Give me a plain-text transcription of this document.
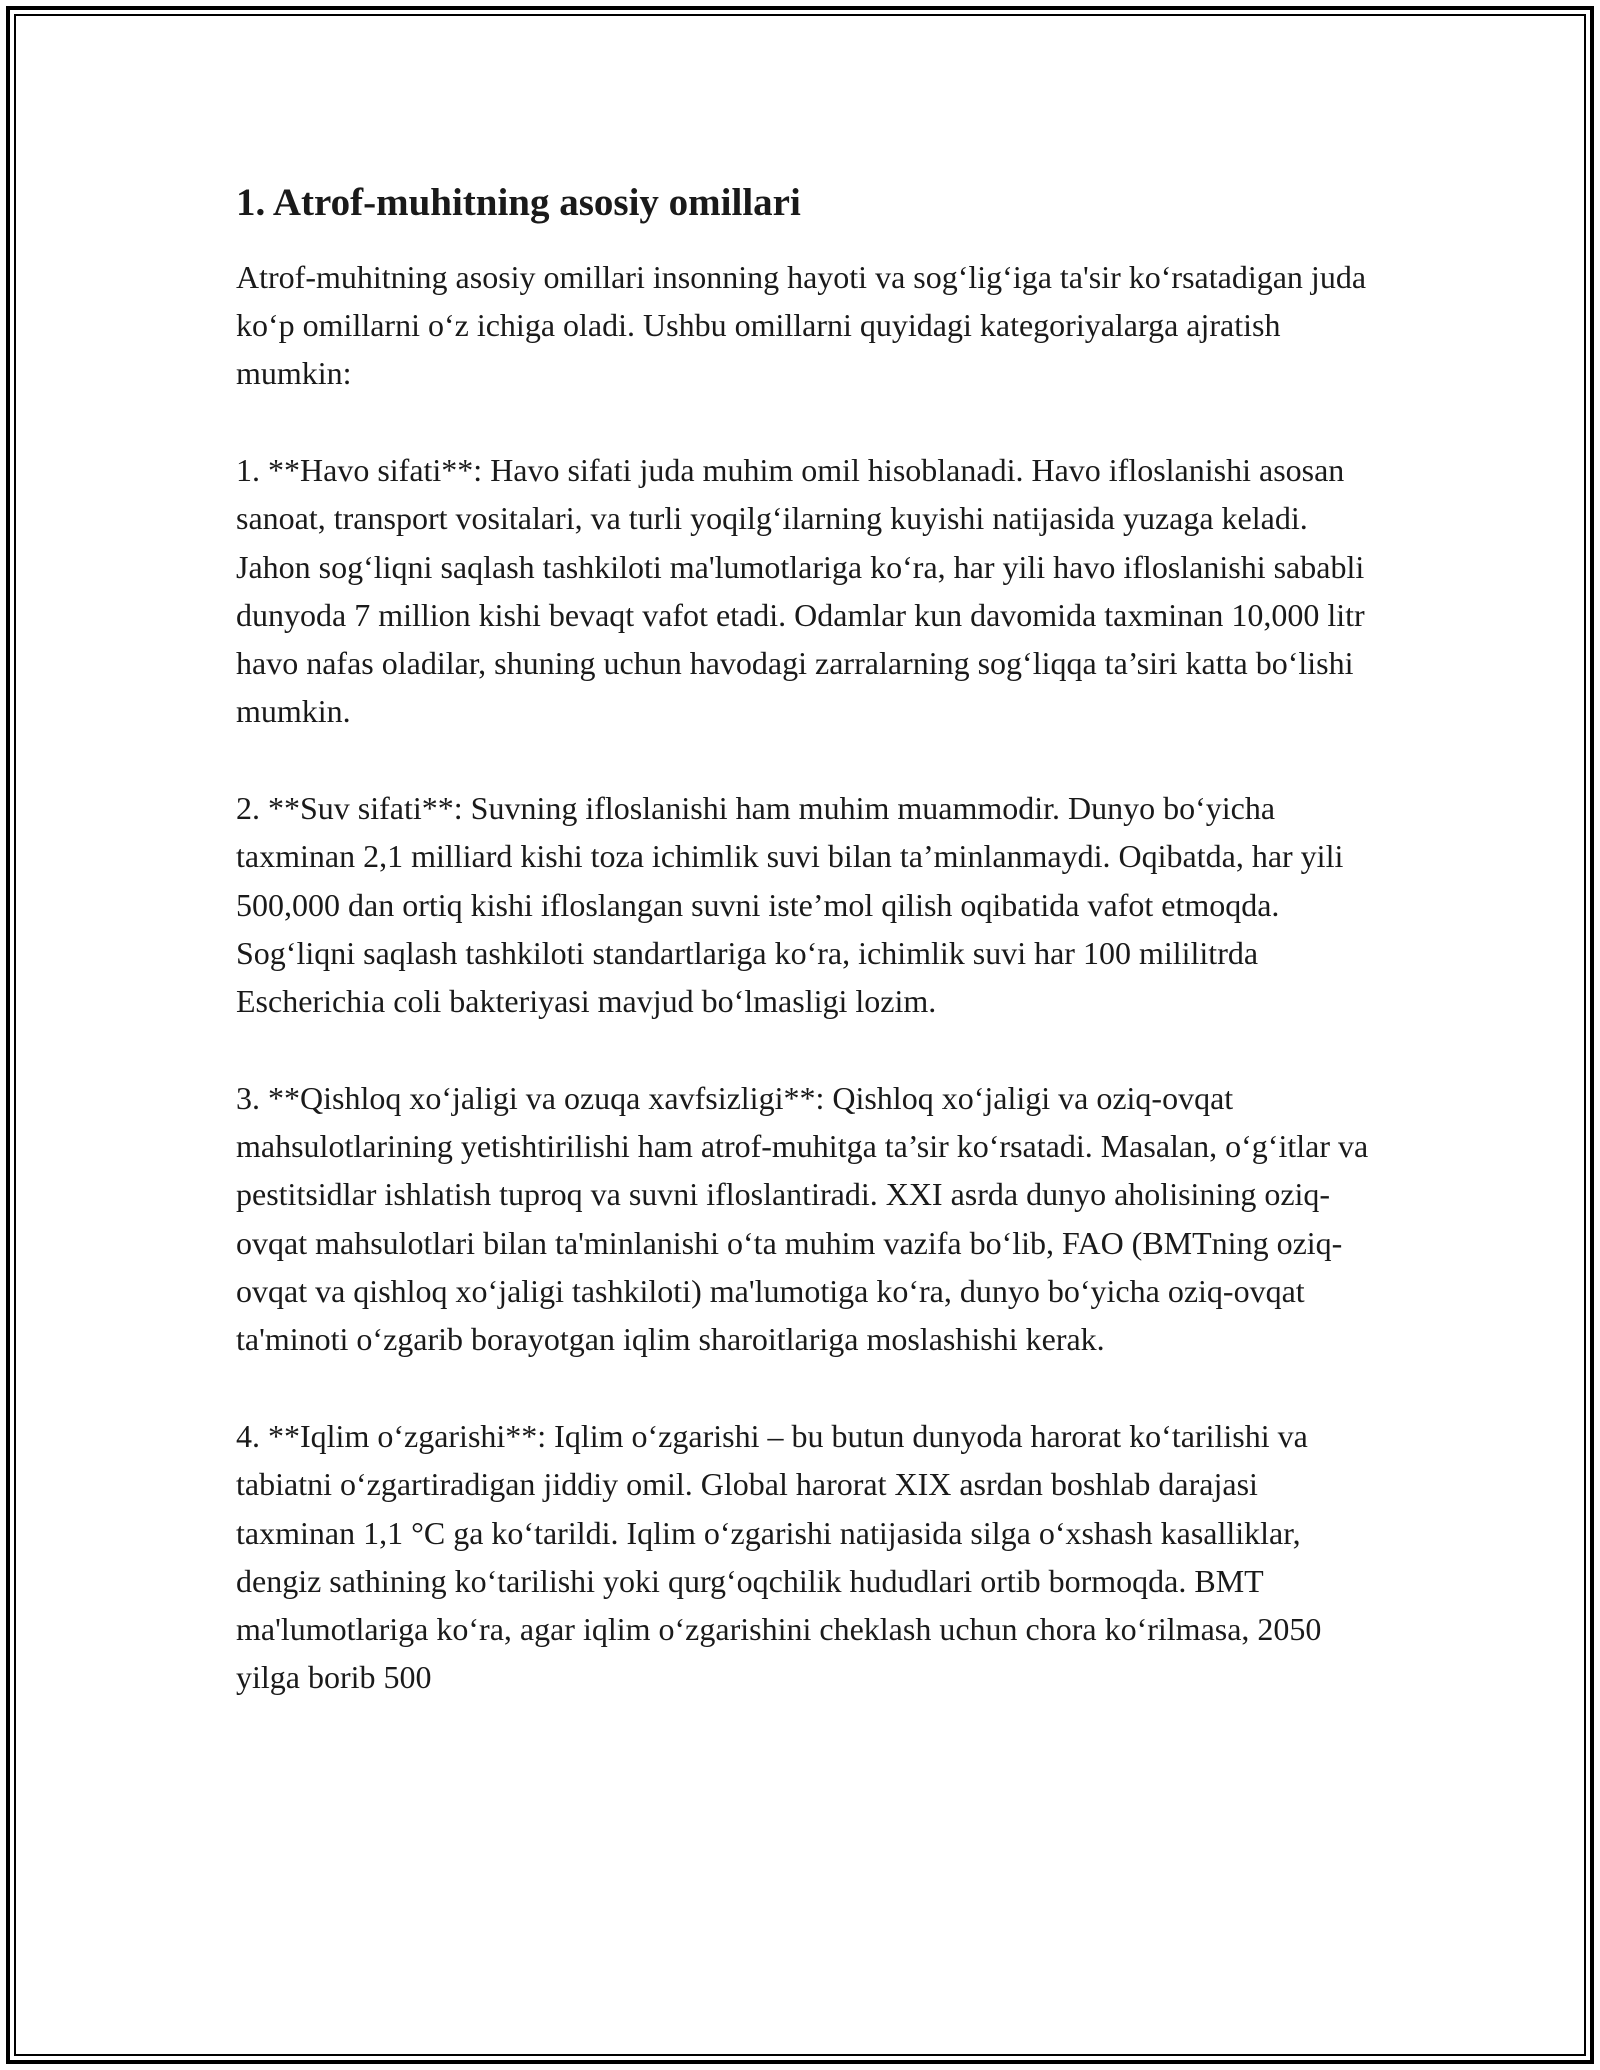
1. Atrof-muhitning asosiy omillari

Atrof-muhitning asosiy omillari insonning hayoti va sog‘lig‘iga ta'sir ko‘rsatadigan juda ko‘p omillarni o‘z ichiga oladi. Ushbu omillarni quyidagi kategoriyalarga ajratish mumkin:

1. **Havo sifati**: Havo sifati juda muhim omil hisoblanadi. Havo ifloslanishi asosan sanoat, transport vositalari, va turli yoqilg‘ilarning kuyishi natijasida yuzaga keladi. Jahon sog‘liqni saqlash tashkiloti ma'lumotlariga ko‘ra, har yili havo ifloslanishi sababli dunyoda 7 million kishi bevaqt vafot etadi. Odamlar kun davomida taxminan 10,000 litr havo nafas oladilar, shuning uchun havodagi zarralarning sog‘liqqa ta’siri katta bo‘lishi mumkin.

2. **Suv sifati**: Suvning ifloslanishi ham muhim muammodir. Dunyo bo‘yicha taxminan 2,1 milliard kishi toza ichimlik suvi bilan ta’minlanmaydi. Oqibatda, har yili 500,000 dan ortiq kishi ifloslangan suvni iste’mol qilish oqibatida vafot etmoqda. Sog‘liqni saqlash tashkiloti standartlariga ko‘ra, ichimlik suvi har 100 mililitrda Escherichia coli bakteriyasi mavjud bo‘lmasligi lozim.

3. **Qishloq xo‘jaligi va ozuqa xavfsizligi**: Qishloq xo‘jaligi va oziq-ovqat mahsulotlarining yetishtirilishi ham atrof-muhitga ta’sir ko‘rsatadi. Masalan, o‘g‘itlar va pestitsidlar ishlatish tuproq va suvni ifloslantiradi. XXI asrda dunyo aholisining oziq-ovqat mahsulotlari bilan ta'minlanishi o‘ta muhim vazifa bo‘lib, FAO (BMTning oziq-ovqat va qishloq xo‘jaligi tashkiloti) ma'lumotiga ko‘ra, dunyo bo‘yicha oziq-ovqat ta'minoti o‘zgarib borayotgan iqlim sharoitlariga moslashishi kerak.

4. **Iqlim o‘zgarishi**: Iqlim o‘zgarishi – bu butun dunyoda harorat ko‘tarilishi va tabiatni o‘zgartiradigan jiddiy omil. Global harorat XIX asrdan boshlab darajasi taxminan 1,1 °C ga ko‘tarildi. Iqlim o‘zgarishi natijasida silga o‘xshash kasalliklar, dengiz sathining ko‘tarilishi yoki qurg‘oqchilik hududlari ortib bormoqda. BMT ma'lumotlariga ko‘ra, agar iqlim o‘zgarishini cheklash uchun chora ko‘rilmasa, 2050 yilga borib 500
